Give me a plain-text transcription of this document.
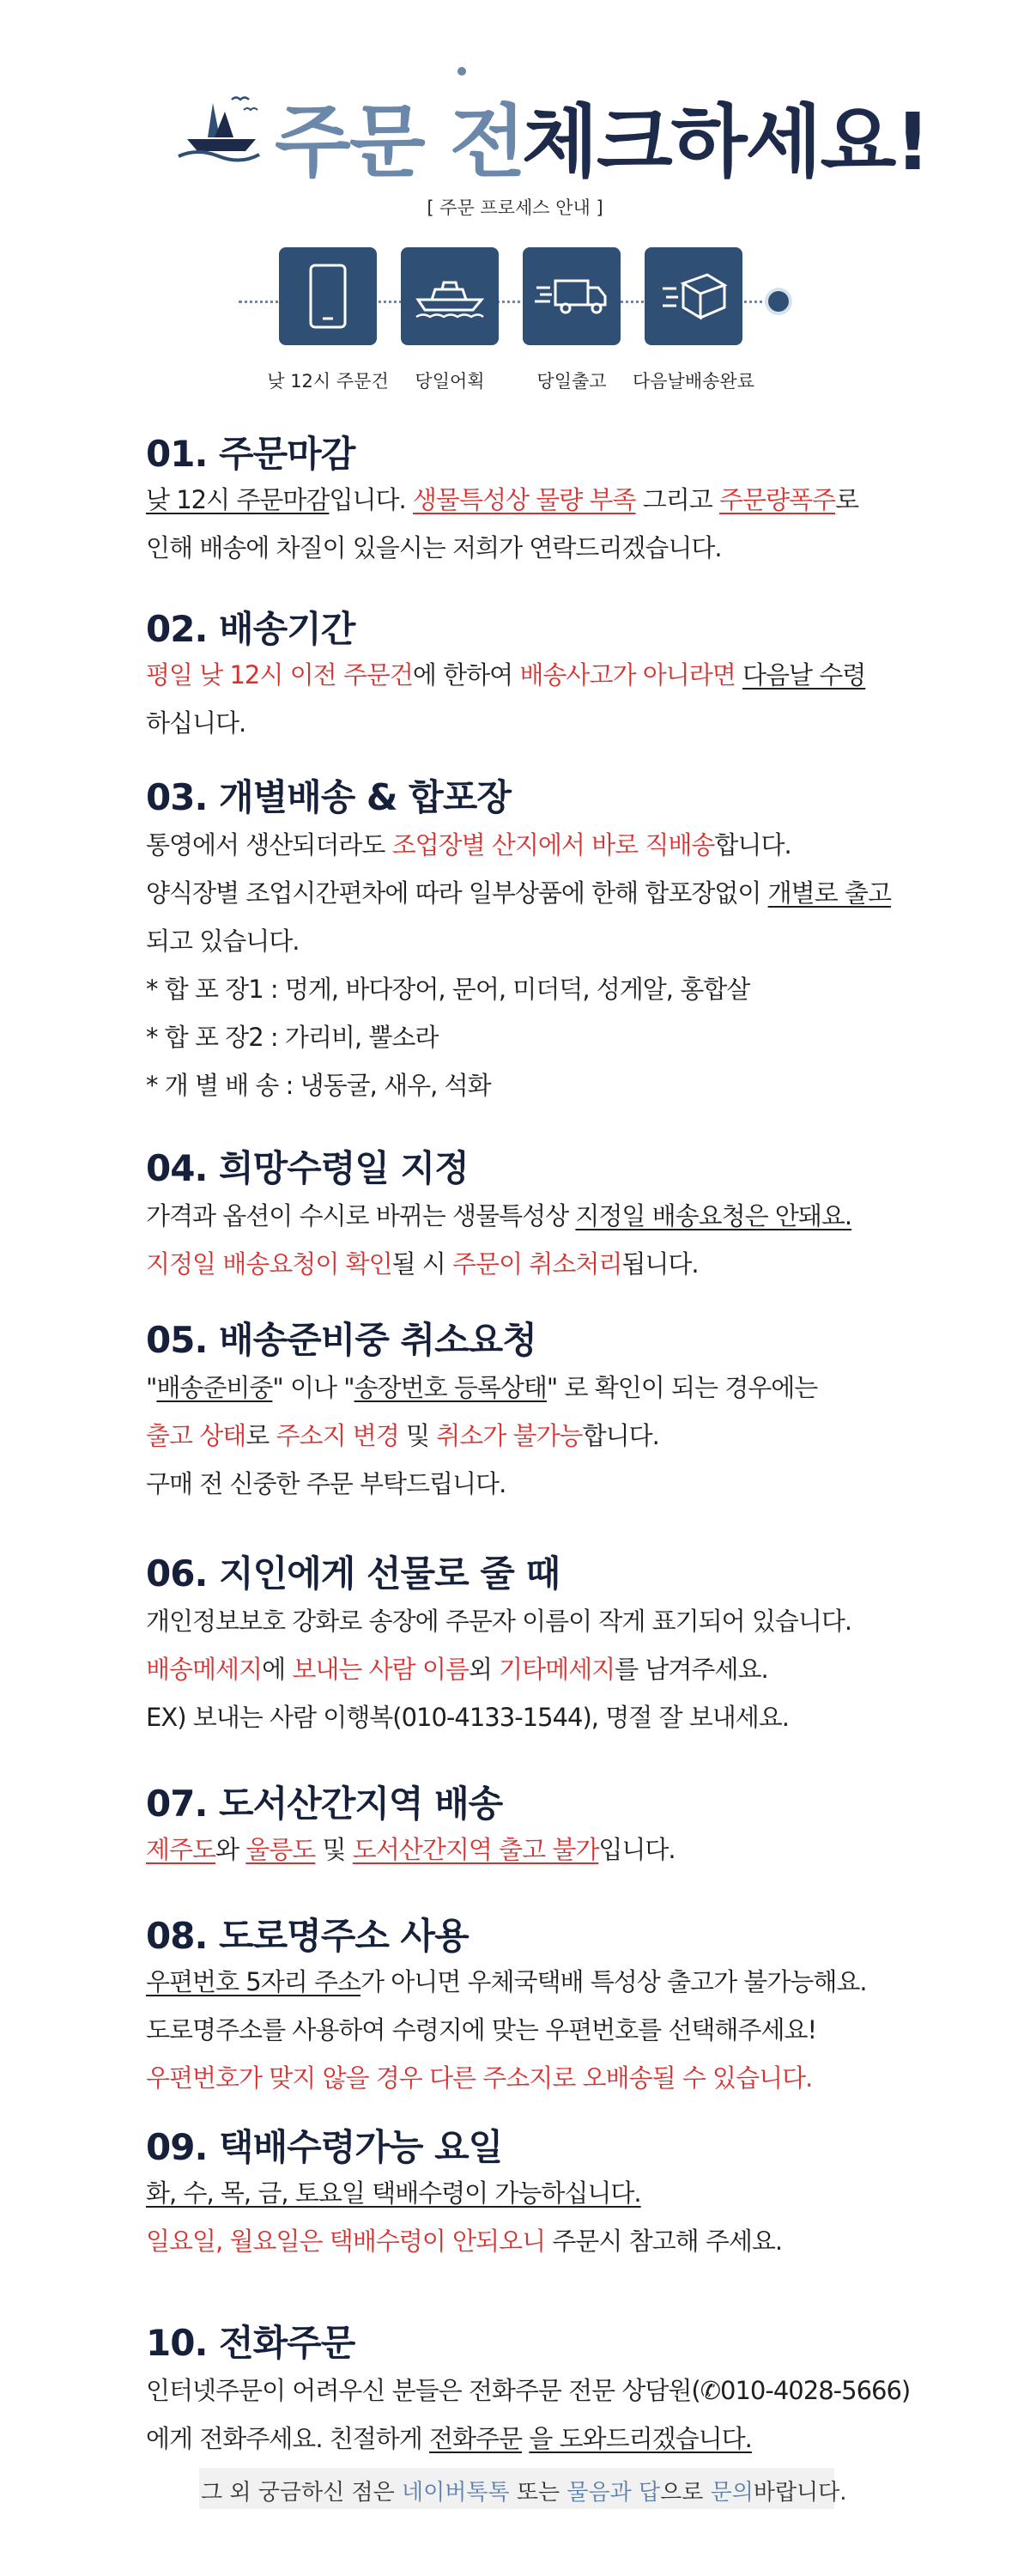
주문 전
체크하세요!
[ 주문 프로세스 안내 ]
낮 12시 주문건	당일어획	당일출고	다음날배송완료
01. 주문마감
낮 12시 주문마감입니다. 생물특성상 물량 부족 그리고 주문량폭주로
인해 배송에 차질이 있을시는 저희가 연락드리겠습니다.
02. 배송기간
평일 낮 12시 이전 주문건에 한하여 배송사고가 아니라면 다음날 수령
하십니다.
03. 개별배송 & 합포장
통영에서 생산되더라도 조업장별 산지에서 바로 직배송합니다.
양식장별 조업시간편차에 따라 일부상품에 한해 합포장없이 개별로 출고
되고 있습니다.
* 합 포 장1 : 멍게, 바다장어, 문어, 미더덕, 성게알, 홍합살
* 합 포 장2 : 가리비, 뿔소라
* 개 별 배 송 : 냉동굴, 새우, 석화
04. 희망수령일 지정
가격과 옵션이 수시로 바뀌는 생물특성상 지정일 배송요청은 안돼요.
지정일 배송요청이 확인될 시 주문이 취소처리됩니다.
05. 배송준비중 취소요청
"배송준비중" 이나 "송장번호 등록상태" 로 확인이 되는 경우에는
출고 상태로 주소지 변경 및 취소가 불가능합니다.
구매 전 신중한 주문 부탁드립니다.
06. 지인에게 선물로 줄 때
개인정보보호 강화로 송장에 주문자 이름이 작게 표기되어 있습니다.
배송메세지에 보내는 사람 이름외 기타메세지를 남겨주세요.
EX) 보내는 사람 이행복(010-4133-1544), 명절 잘 보내세요.
07. 도서산간지역 배송
제주도와 울릉도 및 도서산간지역 출고 불가입니다.
08. 도로명주소 사용
우편번호 5자리 주소가 아니면 우체국택배 특성상 출고가 불가능해요.
도로명주소를 사용하여 수령지에 맞는 우편번호를 선택해주세요!
우편번호가 맞지 않을 경우 다른 주소지로 오배송될 수 있습니다.
09. 택배수령가능 요일
화, 수, 목, 금, 토요일 택배수령이 가능하십니다.
일요일, 월요일은 택배수령이 안되오니 주문시 참고해 주세요.
10. 전화주문
인터넷주문이 어려우신 분들은 전화주문 전문 상담원(✆010-4028-5666)
에게 전화주세요. 친절하게 전화주문 을 도와드리겠습니다.
그 외 궁금하신 점은 네이버톡톡 또는 물음과 답으로 문의바랍니다.
